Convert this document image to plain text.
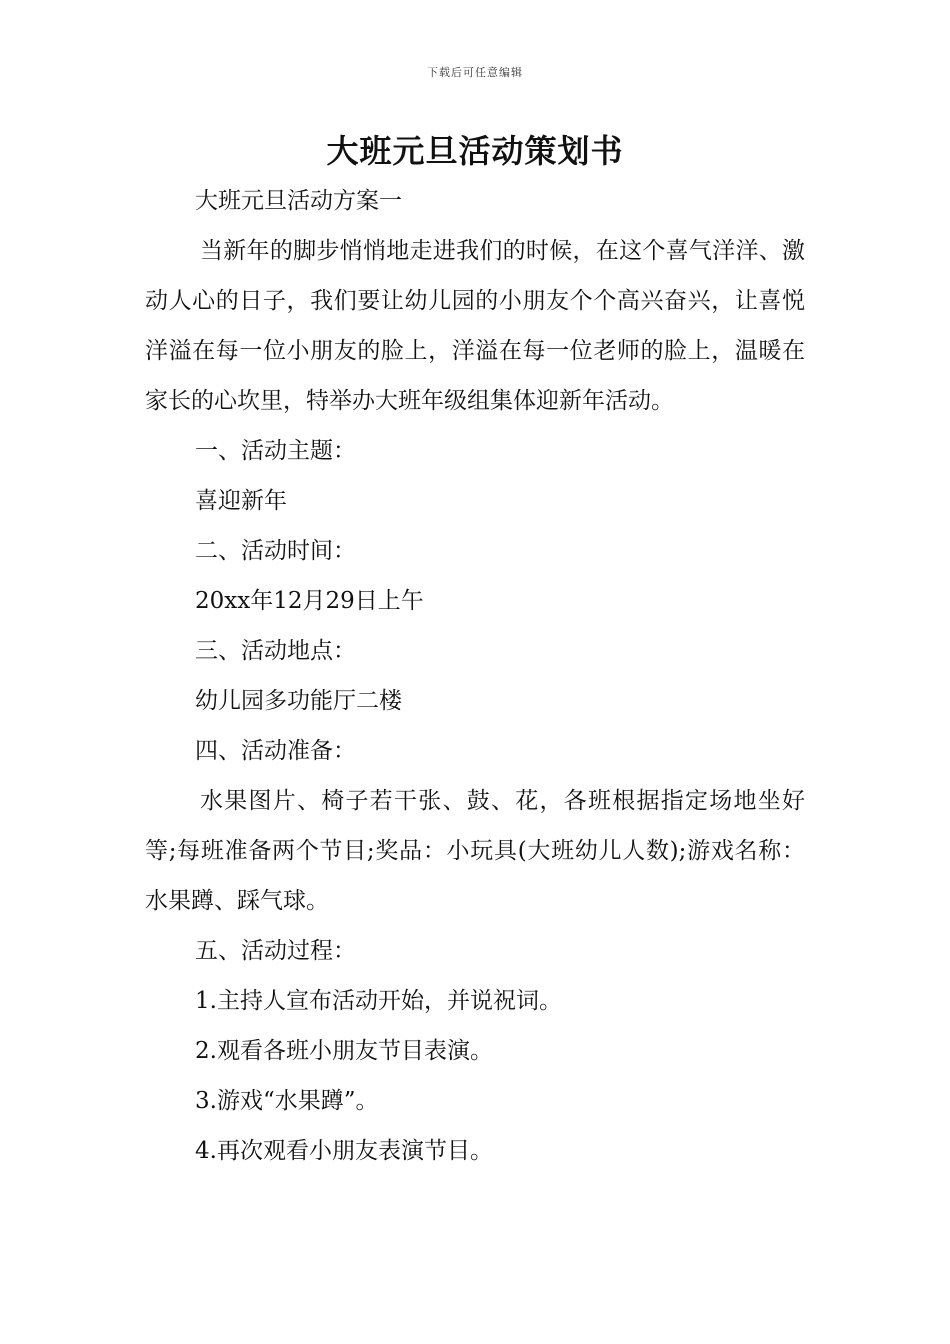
下载后可任意编辑
大班元旦活动策划书

大班元旦活动方案一

当新年的脚步悄悄地走进我们的时候，在这个喜气洋洋、激动人心的日子，我们要让幼儿园的小朋友个个高兴奋兴，让喜悦洋溢在每一位小朋友的脸上，洋溢在每一位老师的脸上，温暖在家长的心坎里，特举办大班年级组集体迎新年活动。

一、活动主题：

喜迎新年

二、活动时间：

20xx年12月29日上午

三、活动地点：

幼儿园多功能厅二楼

四、活动准备：

水果图片、椅子若干张、鼓、花，各班根据指定场地坐好等;每班准备两个节目;奖品：小玩具(大班幼儿人数);游戏名称：水果蹲、踩气球。

五、活动过程：

1.主持人宣布活动开始，并说祝词。

2.观看各班小朋友节目表演。

3.游戏“水果蹲”。

4.再次观看小朋友表演节目。
